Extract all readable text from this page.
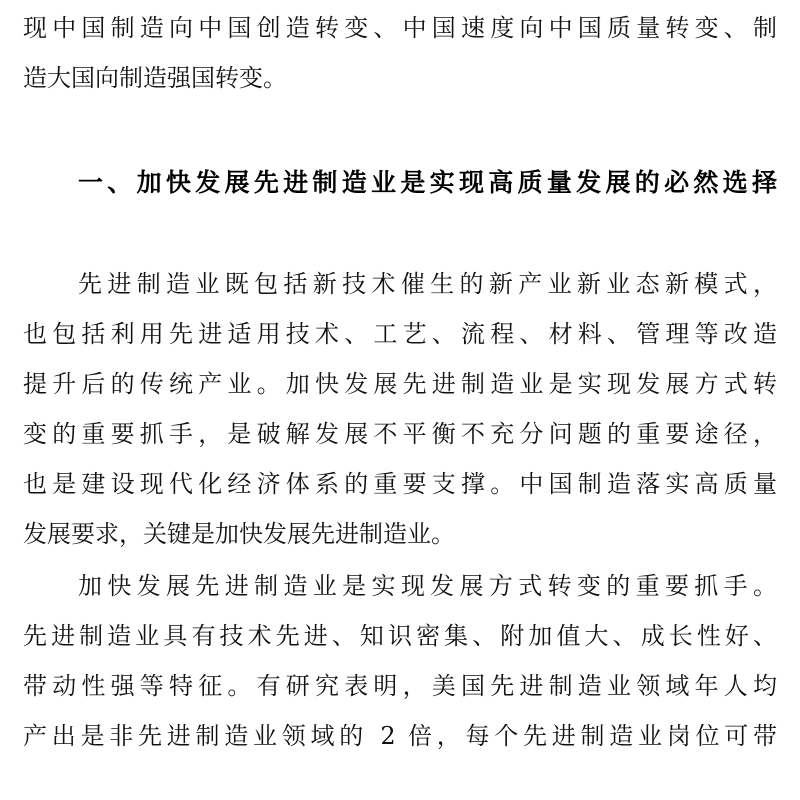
现中国制造向中国创造转变、中国速度向中国质量转变、制
造大国向制造强国转变。
一、加快发展先进制造业是实现高质量发展的必然选择
先进制造业既包括新技术催生的新产业新业态新模式，
也包括利用先进适用技术、工艺、流程、材料、管理等改造
提升后的传统产业。加快发展先进制造业是实现发展方式转
变的重要抓手，是破解发展不平衡不充分问题的重要途径，
也是建设现代化经济体系的重要支撑。中国制造落实高质量
发展要求，关键是加快发展先进制造业。
加快发展先进制造业是实现发展方式转变的重要抓手。
先进制造业具有技术先进、知识密集、附加值大、成长性好、
带动性强等特征。有研究表明，美国先进制造业领域年人均
产出是非先进制造业领域的 2 倍，每个先进制造业岗位可带
